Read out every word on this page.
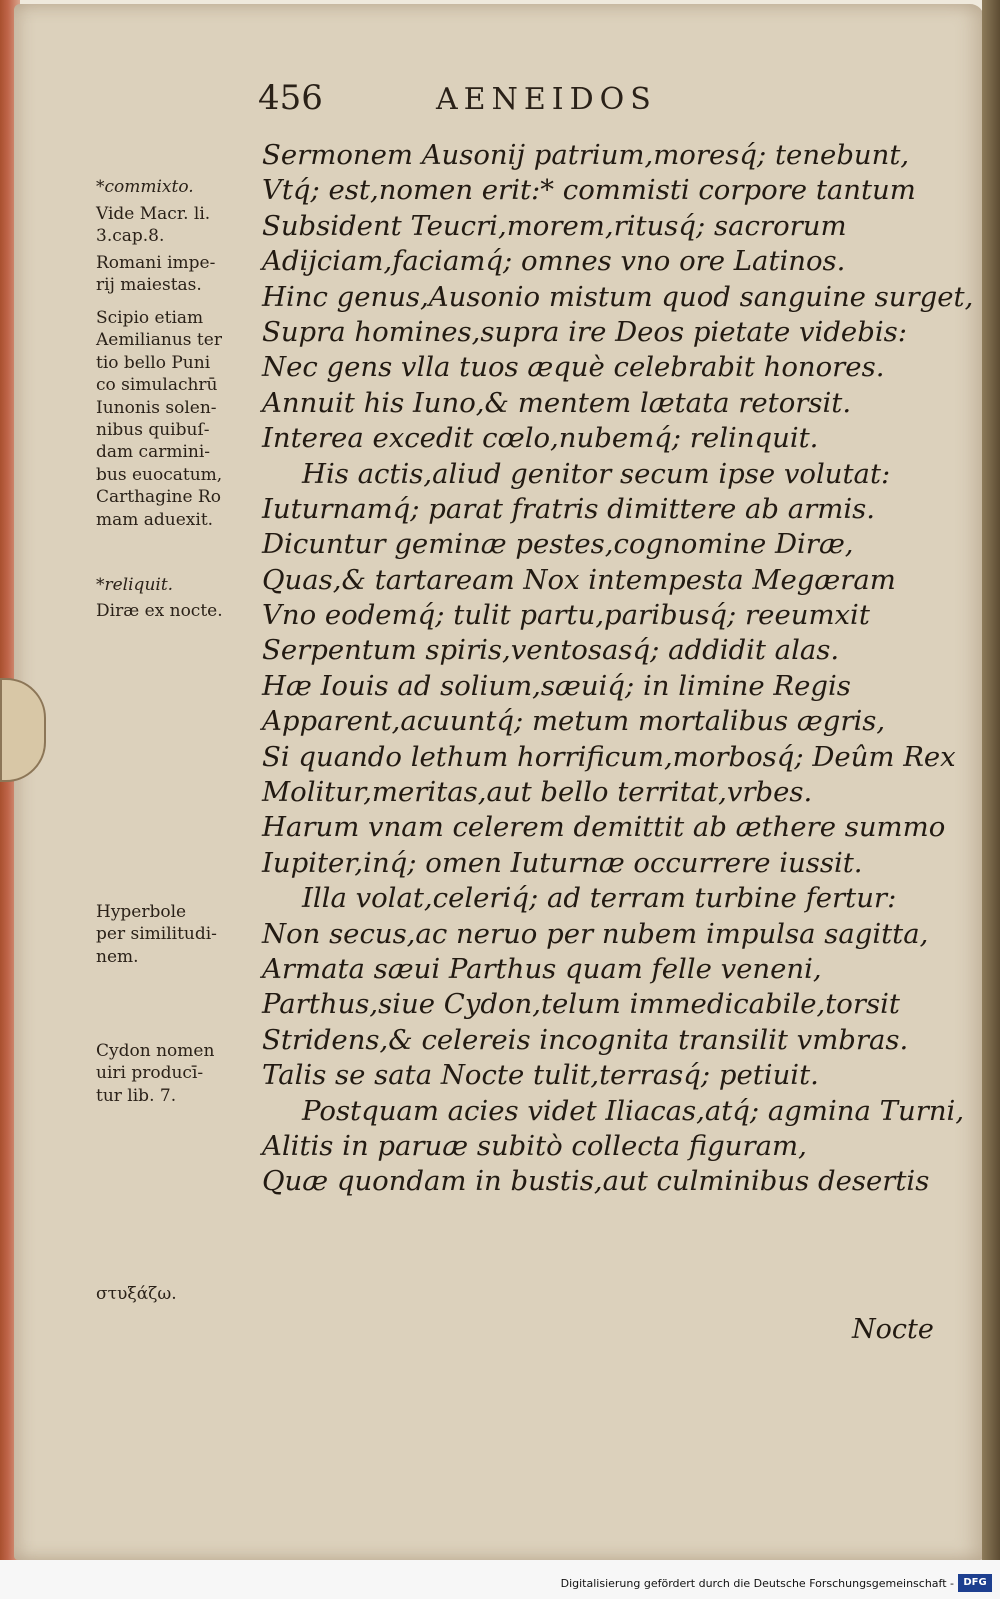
456	AENEIDOS
Sermonem Ausonij patrium,moresq́; tenebunt,
Vtq́; est,nomen erit:* commisti corpore tantum
Subsident Teucri,morem,ritusq́; sacrorum
Adijciam,faciamq́; omnes vno ore Latinos.
Hinc genus,Ausonio mistum quod sanguine surget,
Supra homines,supra ire Deos pietate videbis:
Nec gens vlla tuos æquè celebrabit honores.
Annuit his Iuno,& mentem lætata retorsit.
Interea excedit cœlo,nubemq́; relinquit.
His actis,aliud genitor secum ipse volutat:
Iuturnamq́; parat fratris dimittere ab armis.
Dicuntur geminæ pestes,cognomine Diræ,
Quas,& tartaream Nox intempesta Megæram
Vno eodemq́; tulit partu,paribusq́; reeumxit
Serpentum spiris,ventosasq́; addidit alas.
Hæ Iouis ad solium,sæuiq́; in limine Regis
Apparent,acuuntq́; metum mortalibus ægris,
Si quando lethum horrificum,morbosq́; Deûm Rex
Molitur,meritas,aut bello territat,vrbes.
Harum vnam celerem demittit ab æthere summo
Iupiter,inq́; omen Iuturnæ occurrere iussit.
Illa volat,celeriq́; ad terram turbine fertur:
Non secus,ac neruo per nubem impulsa sagitta,
Armata sæui Parthus quam felle veneni,
Parthus,siue Cydon,telum immedicabile,torsit
Stridens,& celereis incognita transilit vmbras.
Talis se sata Nocte tulit,terrasq́; petiuit.
Postquam acies videt Iliacas,atq́; agmina Turni,
Alitis in paruæ subitò collecta figuram,
Quæ quondam in bustis,aut culminibus desertis
Nocte
*commixto.
Vide Macr. li.
3.cap.8.
Romani impe-
rij maiestas.
Scipio etiam
Aemilianus ter
tio bello Puni
co simulachrū
Iunonis solen-
nibus quibuſ-
dam carmini-
bus euocatum,
Carthagine Ro
mam aduexit.
*reliquit.
Diræ ex nocte.
Hyperbole
per similitudi-
nem.
Cydon nomen
uiri producī-
tur lib. 7.
στυξάζω.
Digitalisierung gefördert durch die Deutsche Forschungsgemeinschaft - DFG
